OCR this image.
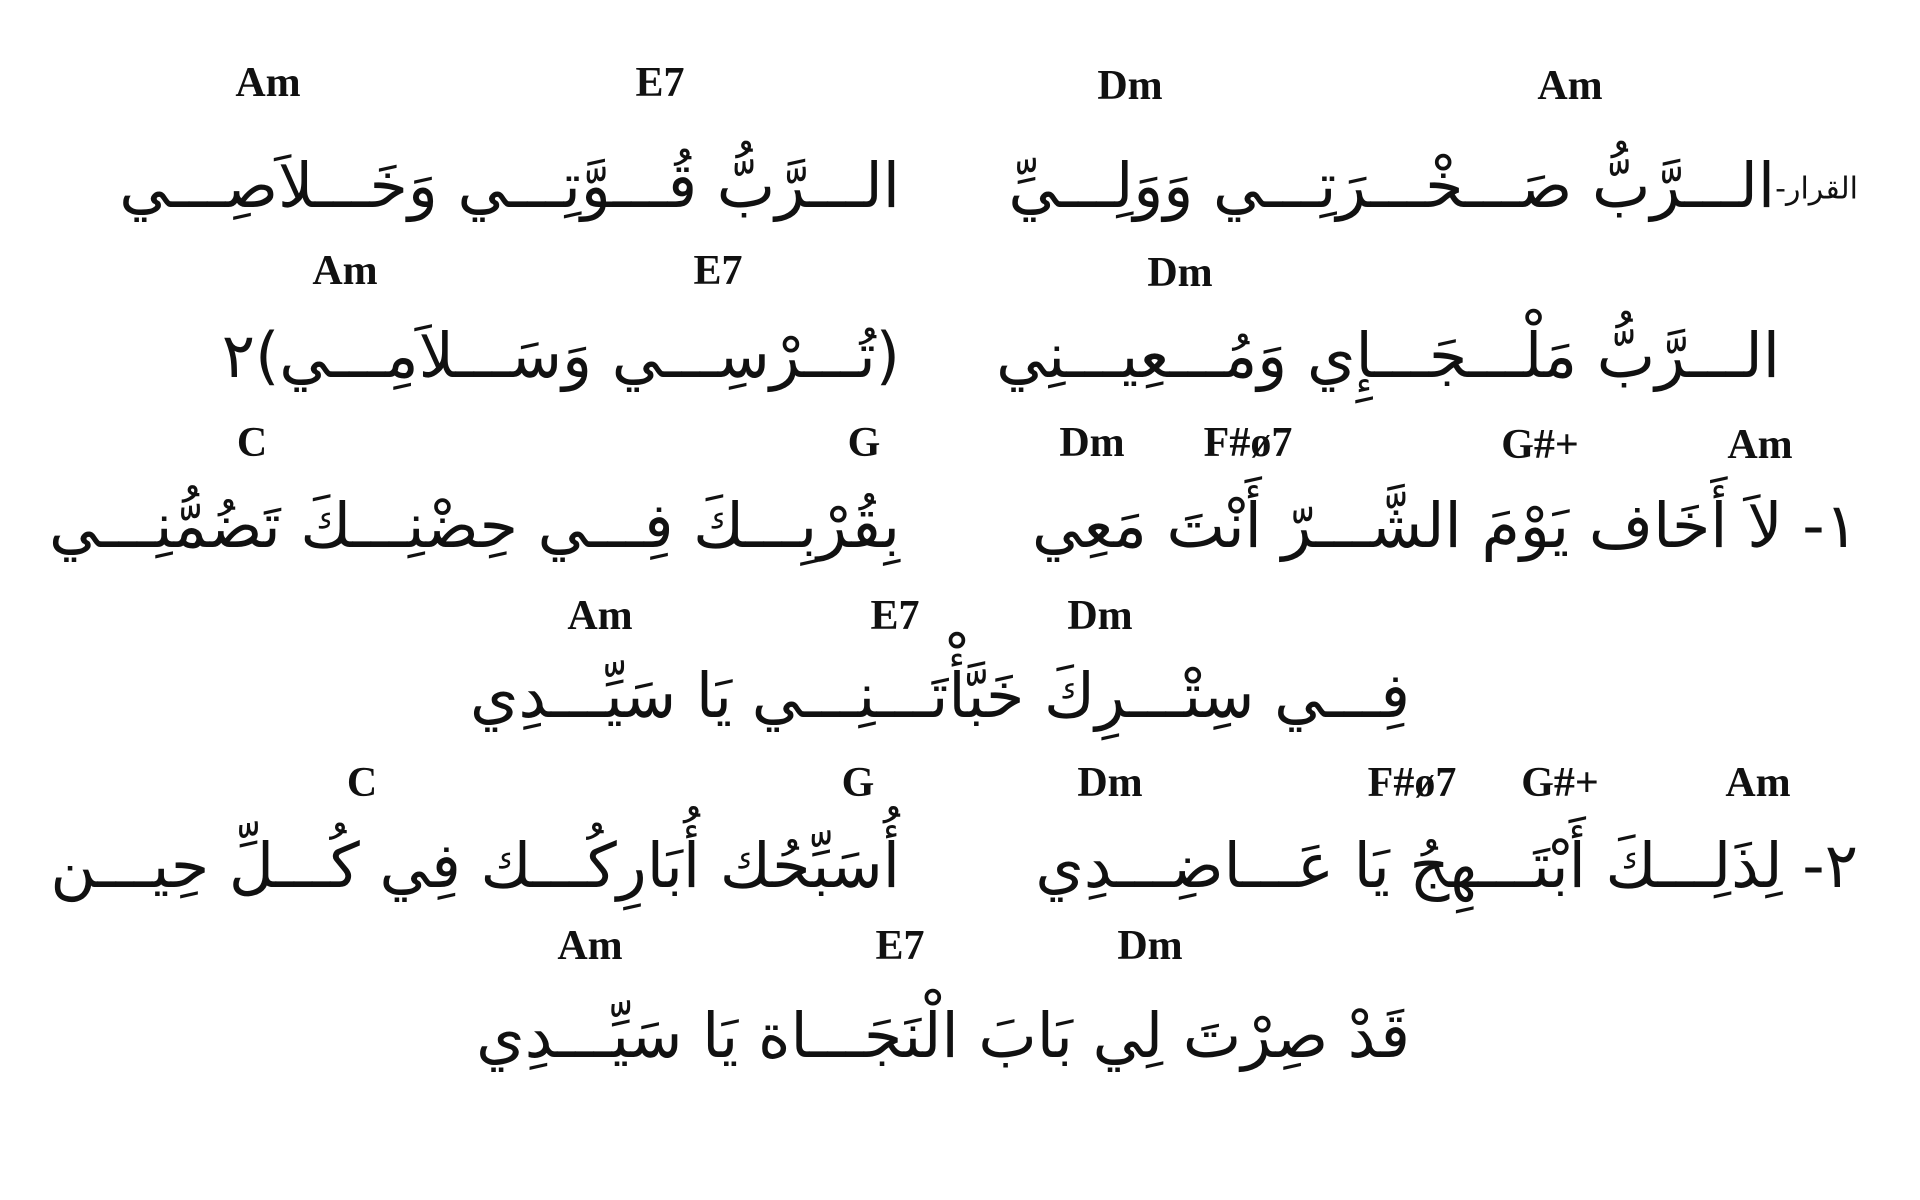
Am	E7	Dm	Am
القرار-الـــرَّبُّ صَـــخْـــرَتِـــي وَوَلِـــيِّ
الـــرَّبُّ قُـــوَّتِـــي وَخَـــلاَصِـــي
Am	E7	Dm
الـــرَّبُّ مَلْـــجَـــإِي وَمُـــعِيـــنِي
(تُـــرْسِـــي وَسَـــلاَمِـــي)٢
C	G	Dm F#ø7	G#+	Am
١- لاَ أَخَاف يَوْمَ الشَّـــرّ أَنْتَ مَعِي
بِقُرْبِـــكَ فِـــي حِضْنِـــكَ تَضُمُّنِـــي
Am	E7	Dm
فِـــي سِتْـــرِكَ خَبَّأْتَـــنِـــي يَا سَيِّـــدِي
C	G	Dm	F#ø7 G#+	Am
٢- لِذَلِـــكَ أَبْتَـــهِجُ يَا عَـــاضِـــدِي
أُسَبِّحُك أُبَارِكُـــك فِي كُـــلِّ حِيـــن
Am	E7	Dm
قَدْ صِرْتَ لِي بَابَ الْنَجَـــاة يَا سَيِّـــدِي
